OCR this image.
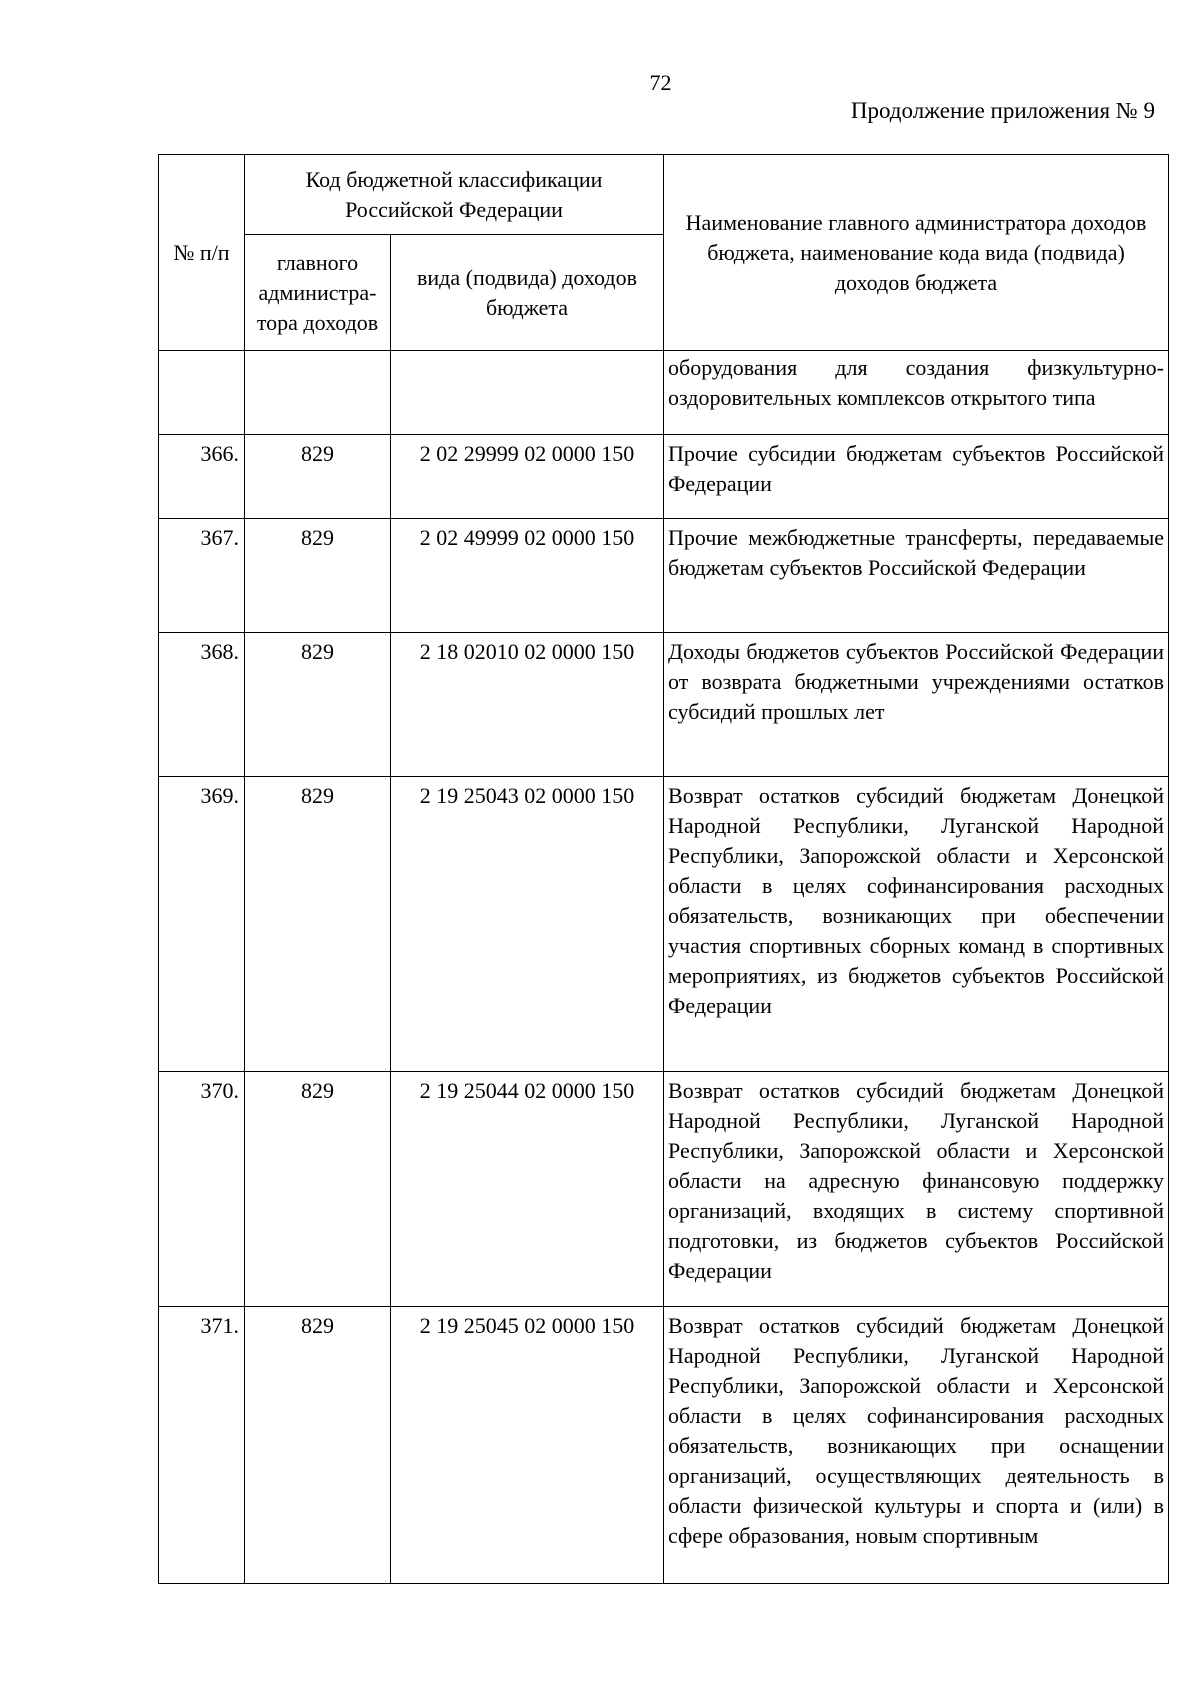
72
Продолжение приложения № 9
№ п/п	Код бюджетной классификации Российской Федерации		Наименование главного администратора доходов бюджета, наименование кода вида (подвида) доходов бюджета
	главного администра-тора доходов	вида (подвида) доходов бюджета	
			оборудования для создания физкультурно-оздоровительных комплексов открытого типа
366.	829	2 02 29999 02 0000 150	Прочие субсидии бюджетам субъектов Российской Федерации
367.	829	2 02 49999 02 0000 150	Прочие межбюджетные трансферты, передаваемые бюджетам субъектов Российской Федерации
368.	829	2 18 02010 02 0000 150	Доходы бюджетов субъектов Российской Федерации от возврата бюджетными учреждениями остатков субсидий прошлых лет
369.	829	2 19 25043 02 0000 150	Возврат остатков субсидий бюджетам Донецкой Народной Республики, Луганской Народной Республики, Запорожской области и Херсонской области в целях софинансирования расходных обязательств, возникающих при обеспечении участия спортивных сборных команд в спортивных мероприятиях, из бюджетов субъектов Российской Федерации
370.	829	2 19 25044 02 0000 150	Возврат остатков субсидий бюджетам Донецкой Народной Республики, Луганской Народной Республики, Запорожской области и Херсонской области на адресную финансовую поддержку организаций, входящих в систему спортивной подготовки, из бюджетов субъектов Российской Федерации
371.	829	2 19 25045 02 0000 150	Возврат остатков субсидий бюджетам Донецкой Народной Республики, Луганской Народной Республики, Запорожской области и Херсонской области в целях софинансирования расходных обязательств, возникающих при оснащении организаций, осуществляющих деятельность в области физической культуры и спорта и (или) в сфере образования, новым спортивным
